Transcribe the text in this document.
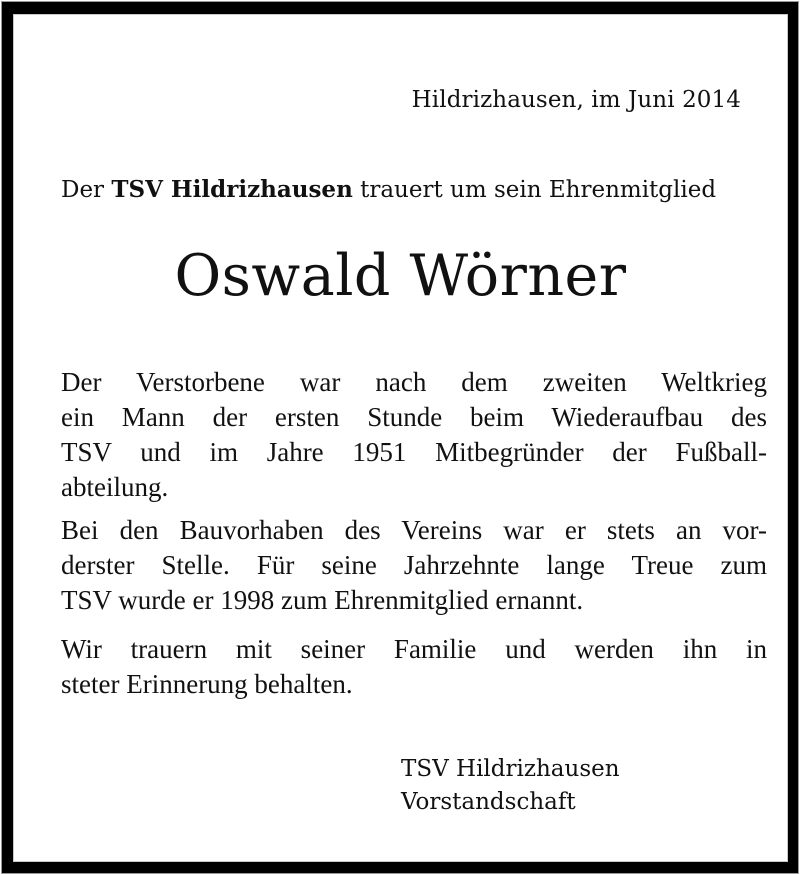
Hildrizhausen, im Juni 2014
Der TSV Hildrizhausen trauert um sein Ehrenmitglied
Oswald Wörner
Der Verstorbene war nach dem zweiten Weltkrieg
ein Mann der ersten Stunde beim Wiederaufbau des
TSV und im Jahre 1951 Mitbegründer der Fußball-
abteilung.
Bei den Bauvorhaben des Vereins war er stets an vor-
derster Stelle. Für seine Jahrzehnte lange Treue zum
TSV wurde er 1998 zum Ehrenmitglied ernannt.
Wir trauern mit seiner Familie und werden ihn in
steter Erinnerung behalten.
TSV Hildrizhausen
Vorstandschaft
